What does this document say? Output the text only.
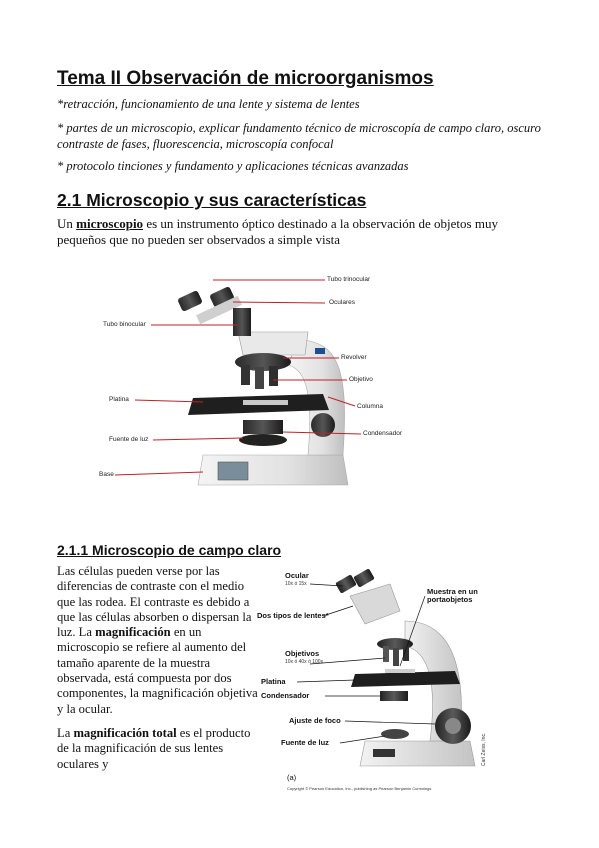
Tema II Observación de microorganismos
*retracción, funcionamiento de una lente y sistema de lentes
* partes de un microscopio, explicar fundamento técnico de microscopía de campo claro, oscuro contraste de fases, fluorescencia, microscopía confocal
* protocolo tinciones y fundamento y aplicaciones técnicas avanzadas
2.1 Microscopio y sus características
Un microscopio es un instrumento óptico destinado a la observación de objetos muy pequeños que no pueden ser observados a simple vista
Tubo trinocular
Oculares
Tubo binocular
Revolver
Objetivo
Platina
Columna
Condensador
Fuente de luz
Base
2.1.1 Microscopio de campo claro

Las células pueden verse por las diferencias de contraste con el medio que las rodea. El contraste es debido a que las células absorben o dispersan la luz. La magnificación en un microscopio se refiere al aumento del tamaño aparente de la muestra observada, está compuesta por dos componentes, la magnificación objetiva y la ocular.

La magnificación total es el producto de la magnificación de sus lentes oculares y

Ocular
10x ó 15x
Dos tipos de lentes*
Muestra en un portaobjetos
Objetivos
10x ó 40x ó 100x
Platina
Condensador
Ajuste de foco
Fuente de luz
(a)
Carl Zeiss, Inc.
Copyright © Pearson Education, Inc., publishing as Pearson Benjamin Cummings
